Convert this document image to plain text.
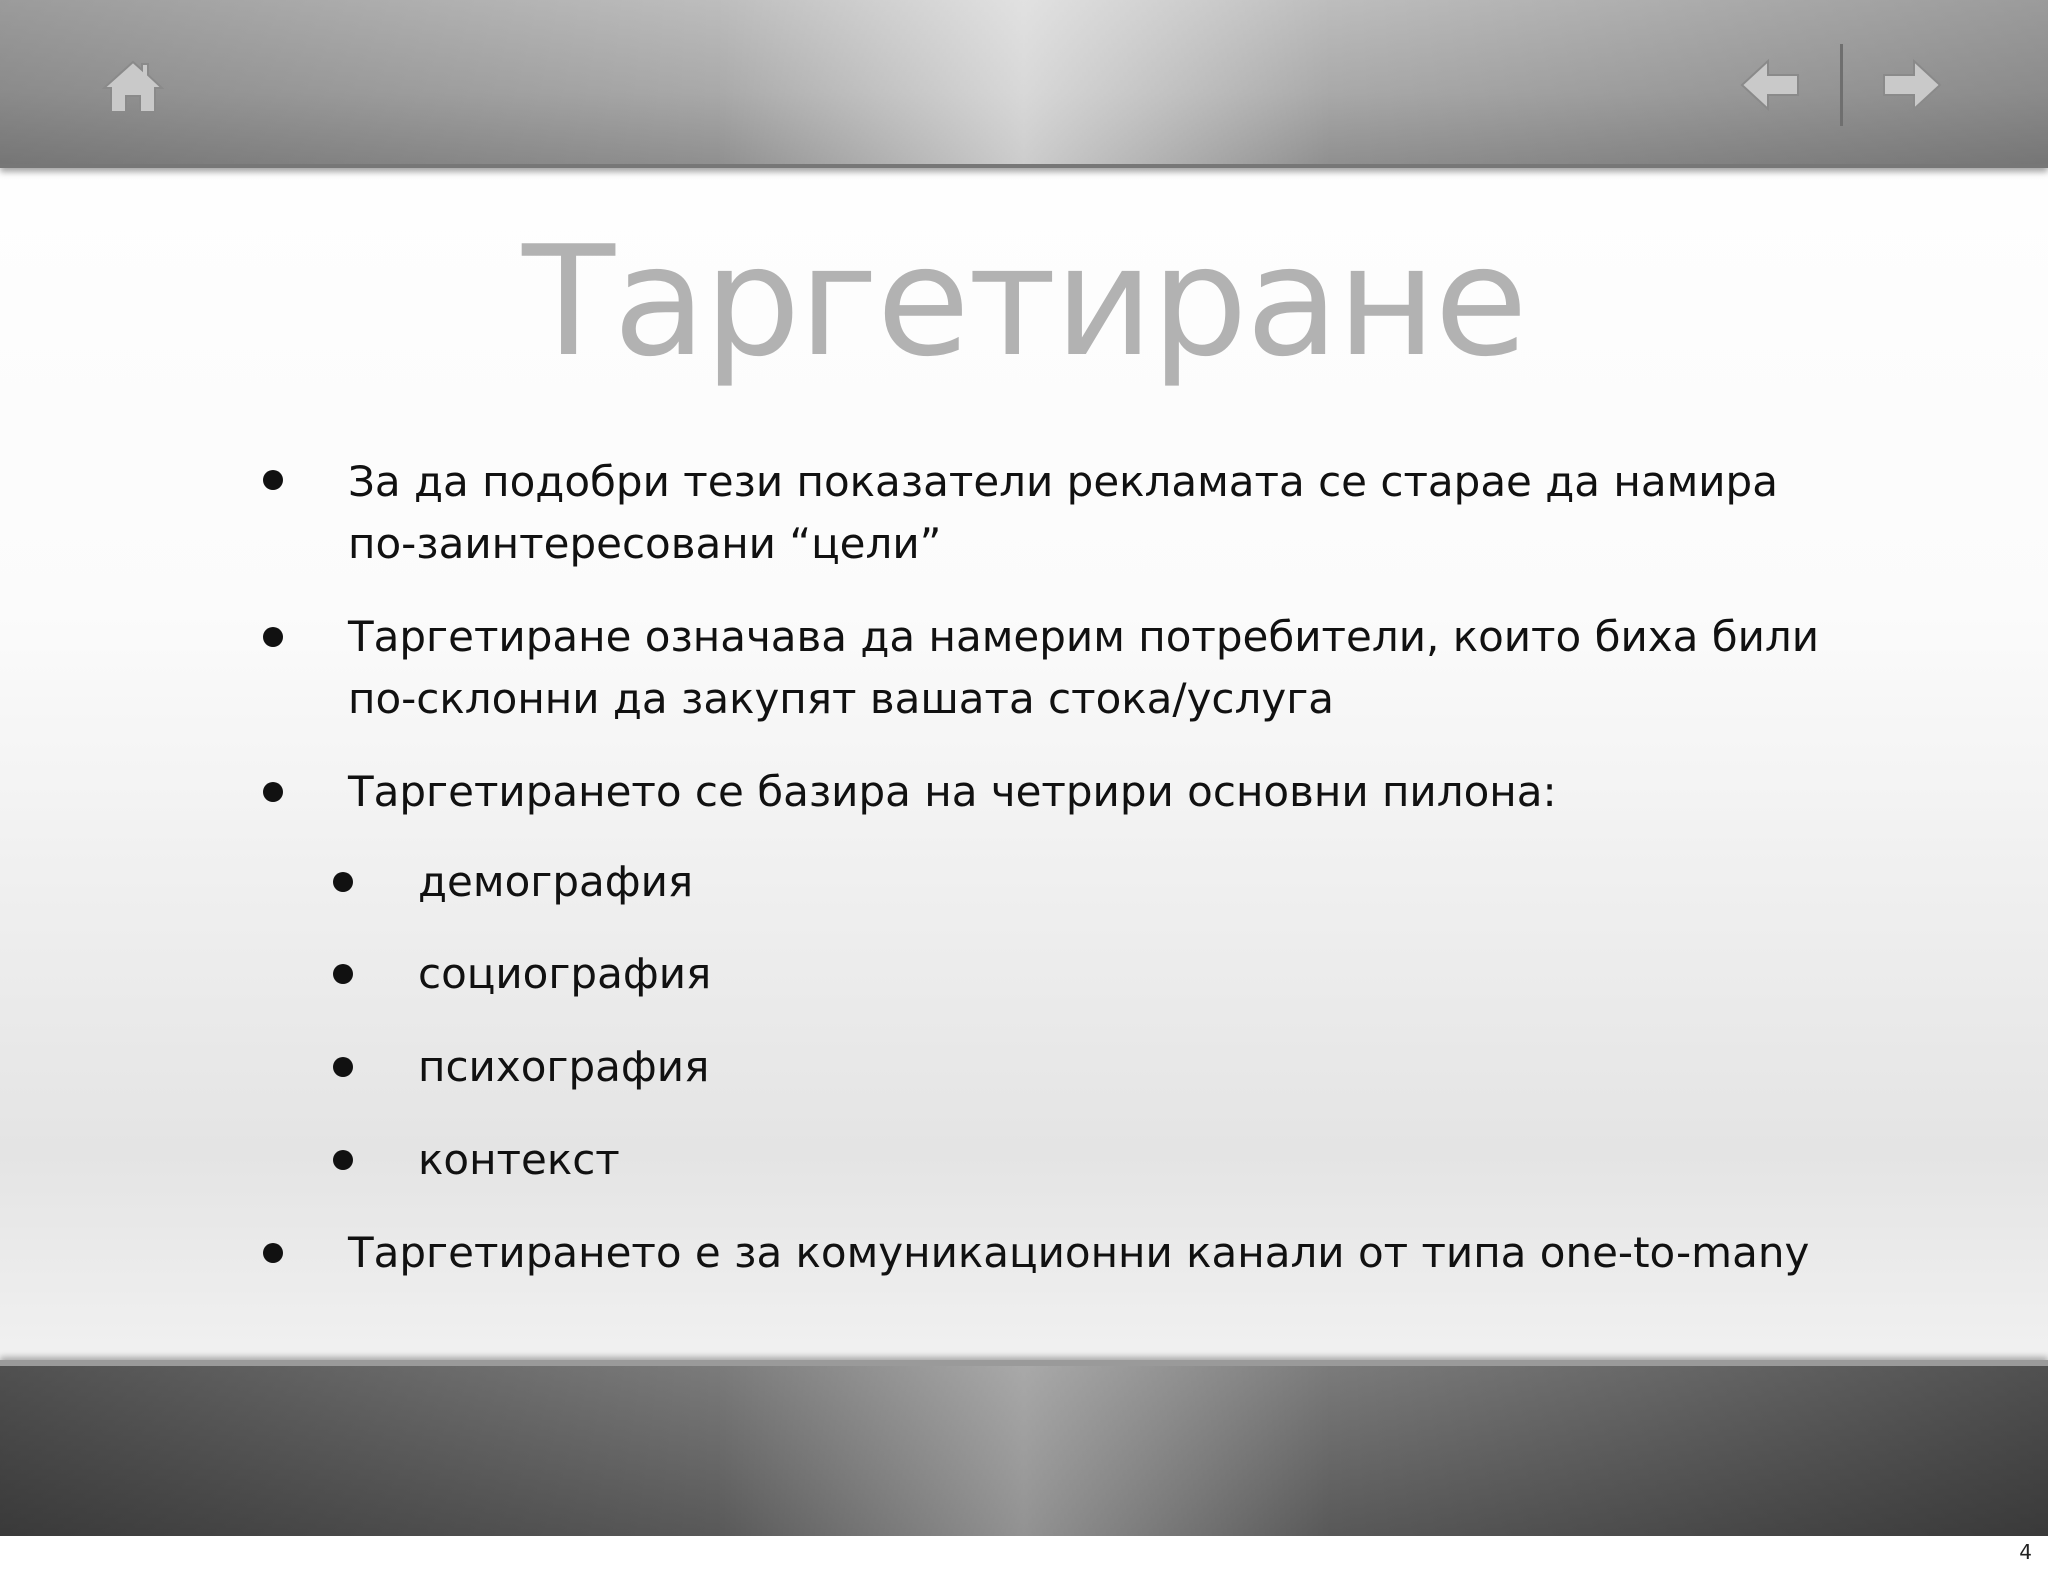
Таргетиране
За да подобри тези показатели рекламата се старае да намира
по-заинтересовани “цели”
Таргетиране означава да намерим потребители, които биха били
по-склонни да закупят вашата стока/услуга
Таргетирането се базира на четрири основни пилона:
демография
социография
психография
контекст
Таргетирането е за комуникационни канали от типа one-to-many
4
